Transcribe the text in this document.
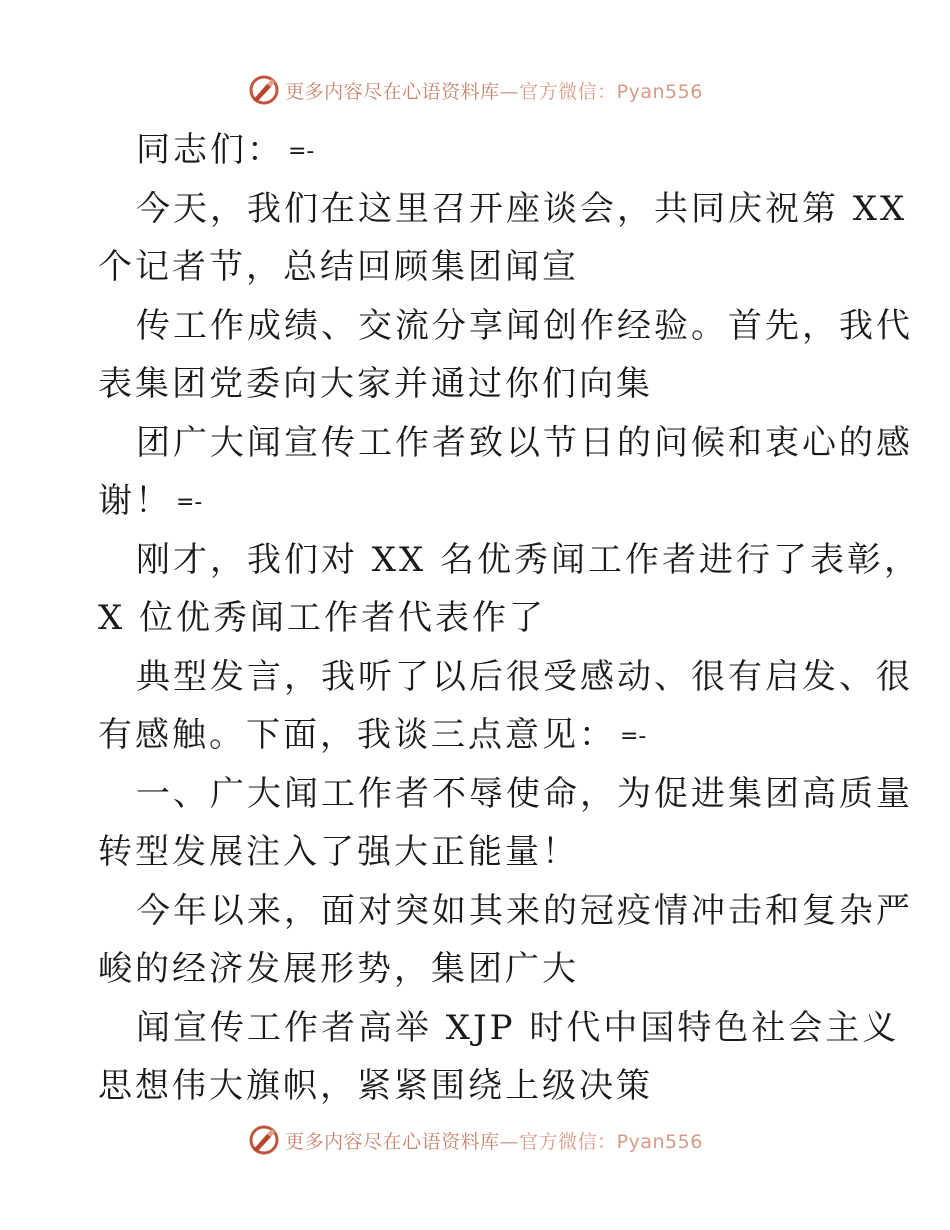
更多内容尽在心语资料库—官方微信：Pyan556
同志们： =-
今天，我们在这里召开座谈会，共同庆祝第 XX
个记者节，总结回顾集团闻宣
传工作成绩、交流分享闻创作经验。首先，我代
表集团党委向大家并通过你们向集
团广大闻宣传工作者致以节日的问候和衷心的感
谢！ =-
刚才，我们对 XX 名优秀闻工作者进行了表彰，
X 位优秀闻工作者代表作了
典型发言，我听了以后很受感动、很有启发、很
有感触。下面，我谈三点意见： =-
一、广大闻工作者不辱使命，为促进集团高质量
转型发展注入了强大正能量！
今年以来，面对突如其来的冠疫情冲击和复杂严
峻的经济发展形势，集团广大
闻宣传工作者高举 XJP 时代中国特色社会主义
思想伟大旗帜，紧紧围绕上级决策
更多内容尽在心语资料库—官方微信：Pyan556
